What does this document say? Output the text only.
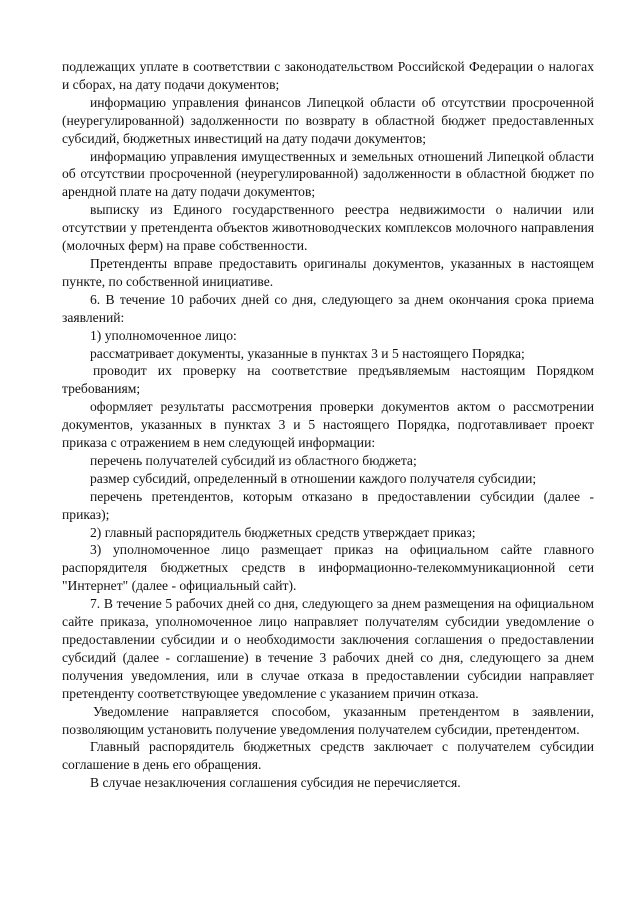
подлежащих уплате в соответствии с законодательством Российской Федерации о налогах и сборах, на дату подачи документов;

информацию управления финансов Липецкой области об отсутствии просроченной (неурегулированной) задолженности по возврату в областной бюджет предоставленных субсидий, бюджетных инвестиций на дату подачи документов;

информацию управления имущественных и земельных отношений Липецкой области об отсутствии просроченной (неурегулированной) задолженности в областной бюджет по арендной плате на дату подачи документов;

выписку из Единого государственного реестра недвижимости о наличии или отсутствии у претендента объектов животноводческих комплексов молочного направления (молочных ферм) на праве собственности.

Претенденты вправе предоставить оригиналы документов, указанных в настоящем пункте, по собственной инициативе.

6. В течение 10 рабочих дней со дня, следующего за днем окончания срока приема заявлений:

1) уполномоченное лицо:

рассматривает документы, указанные в пунктах 3 и 5 настоящего Порядка;

проводит их проверку на соответствие предъявляемым настоящим Порядком требованиям;

оформляет результаты рассмотрения проверки документов актом о рассмотрении документов, указанных в пунктах 3 и 5 настоящего Порядка, подготавливает проект приказа с отражением в нем следующей информации:

перечень получателей субсидий из областного бюджета;

размер субсидий, определенный в отношении каждого получателя субсидии;

перечень претендентов, которым отказано в предоставлении субсидии (далее - приказ);

2) главный распорядитель бюджетных средств утверждает приказ;

3) уполномоченное лицо размещает приказ на официальном сайте главного распорядителя бюджетных средств в информационно-телекоммуникационной сети "Интернет" (далее - официальный сайт).

7. В течение 5 рабочих дней со дня, следующего за днем размещения на официальном сайте приказа, уполномоченное лицо направляет получателям субсидии уведомление о предоставлении субсидии и о необходимости заключения соглашения о предоставлении субсидий (далее - соглашение) в течение 3 рабочих дней со дня, следующего за днем получения уведомления, или в случае отказа в предоставлении субсидии направляет претенденту соответствующее уведомление с указанием причин отказа.

Уведомление направляется способом, указанным претендентом в заявлении, позволяющим установить получение уведомления получателем субсидии, претендентом.

Главный распорядитель бюджетных средств заключает с получателем субсидии соглашение в день его обращения.

В случае незаключения соглашения субсидия не перечисляется.
